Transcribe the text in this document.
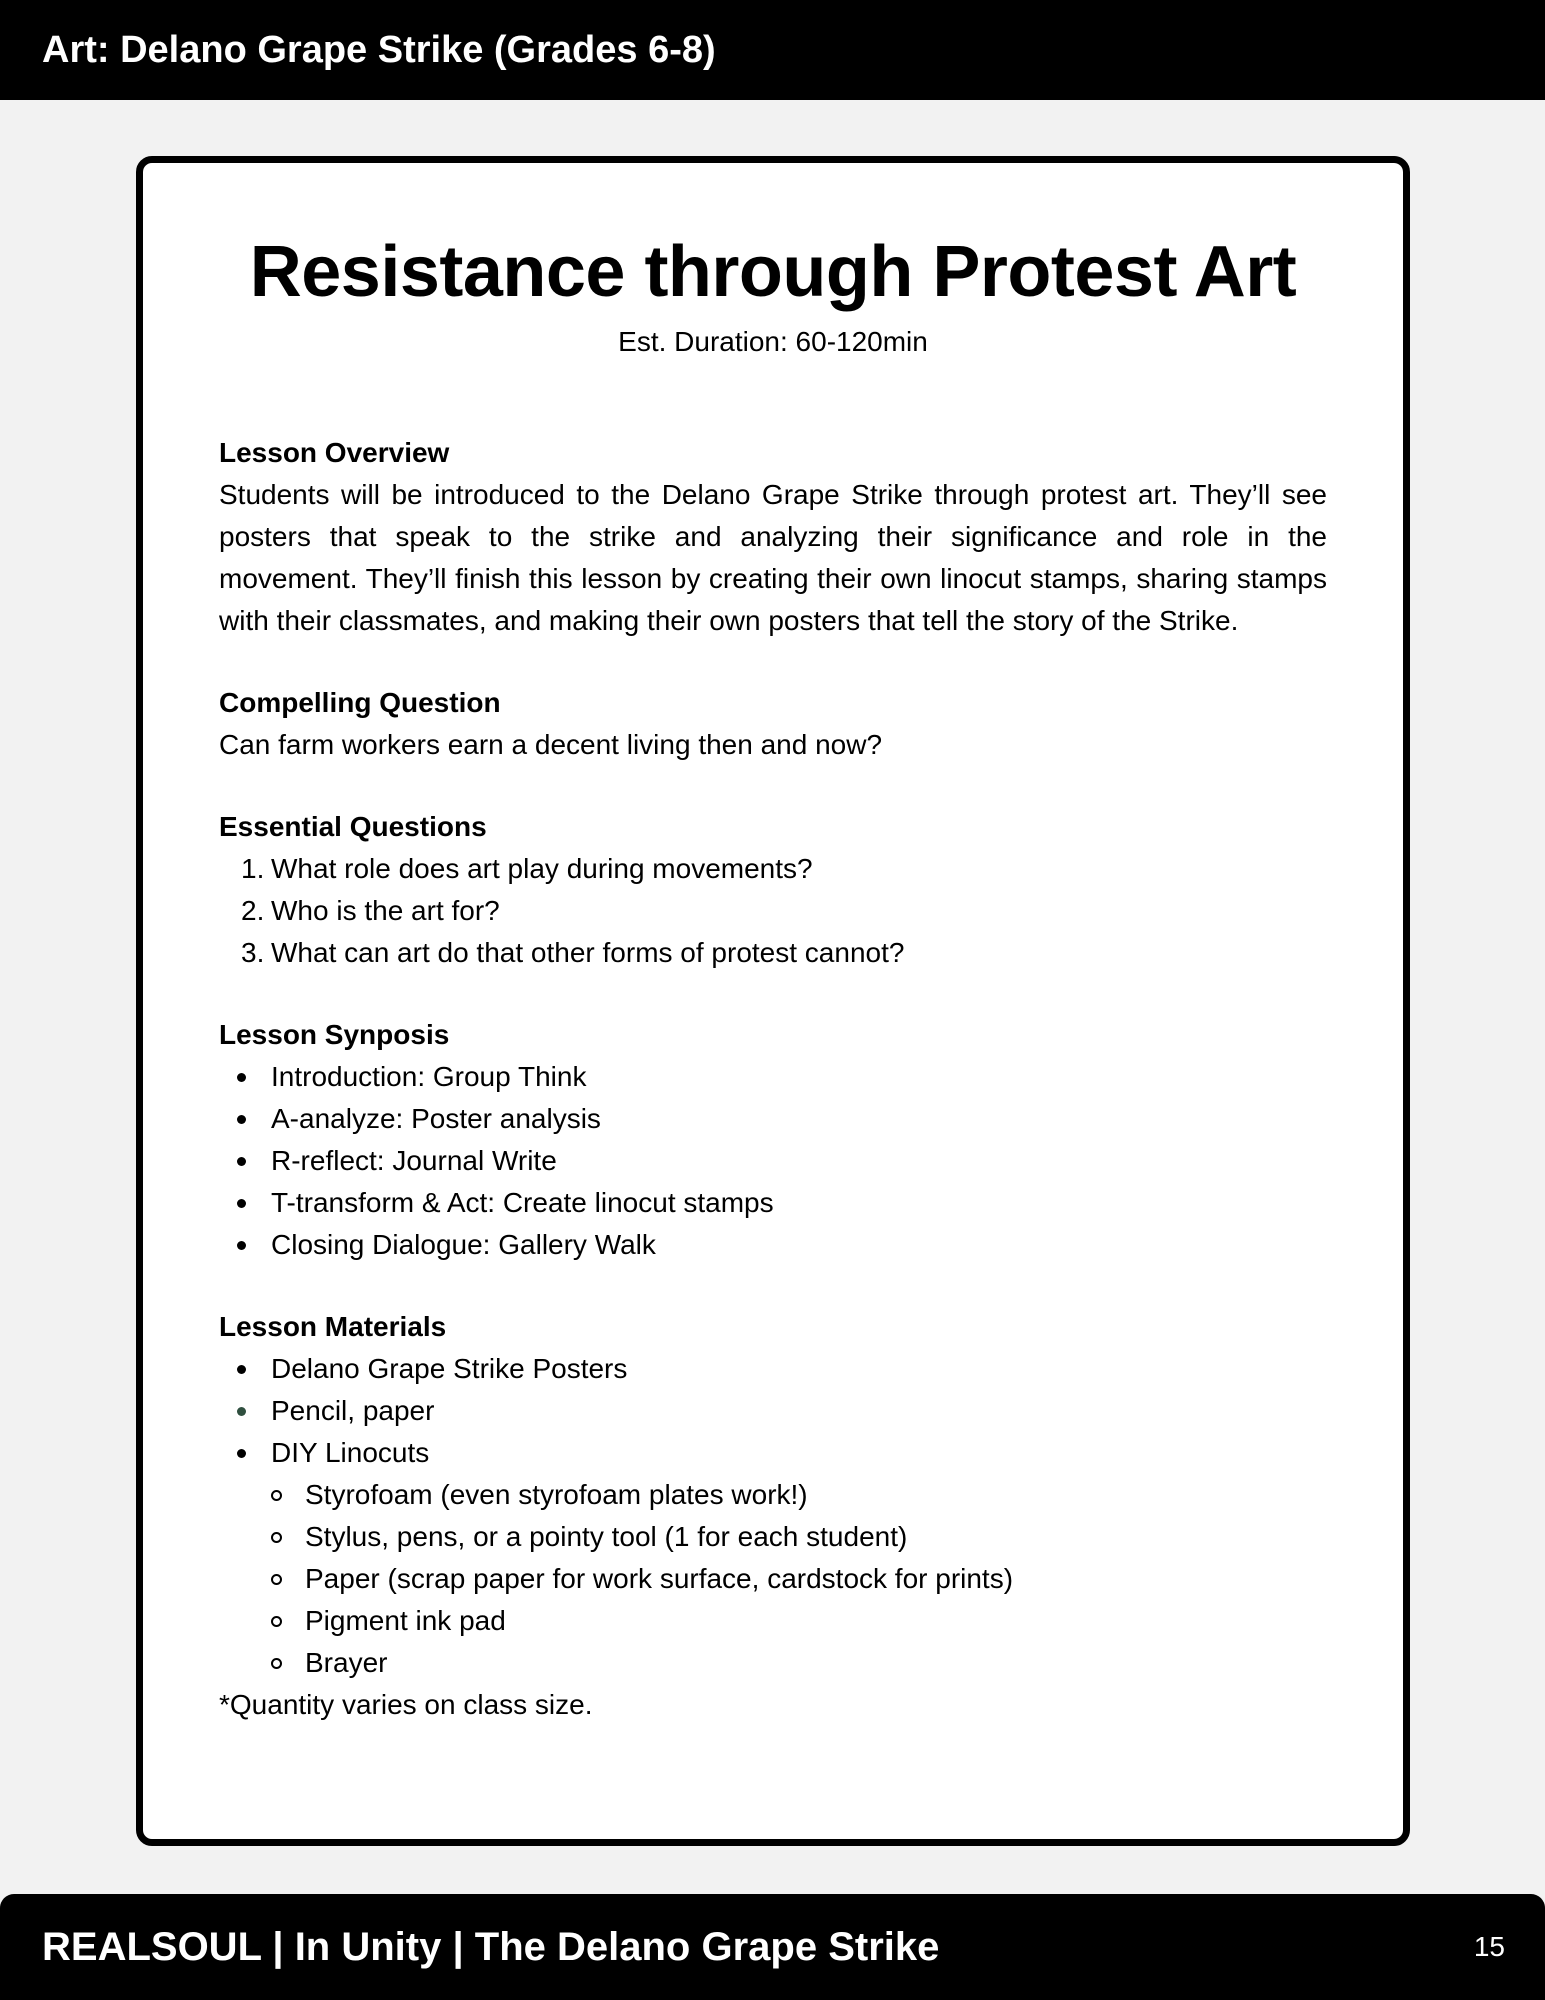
Art: Delano Grape Strike (Grades 6-8)
Resistance through Protest Art
Est. Duration: 60-120min
Lesson Overview

Students will be introduced to the Delano Grape Strike through protest art. They’ll see posters that speak to the strike and analyzing their significance and role in the movement. They’ll finish this lesson by creating their own linocut stamps, sharing stamps with their classmates, and making their own posters that tell the story of the Strike.

Compelling Question

Can farm workers earn a decent living then and now?

Essential Questions
1. What role does art play during movements?
2. Who is the art for?
3. What can art do that other forms of protest cannot?
Lesson Synposis
Introduction: Group Think
A-analyze: Poster analysis
R-reflect: Journal Write
T-transform & Act: Create linocut stamps
Closing Dialogue: Gallery Walk
Lesson Materials
Delano Grape Strike Posters
Pencil, paper
DIY Linocuts
Styrofoam (even styrofoam plates work!)
Stylus, pens, or a pointy tool (1 for each student)
Paper (scrap paper for work surface, cardstock for prints)
Pigment ink pad
Brayer

*Quantity varies on class size.

REALSOUL | In Unity | The Delano Grape Strike	15
